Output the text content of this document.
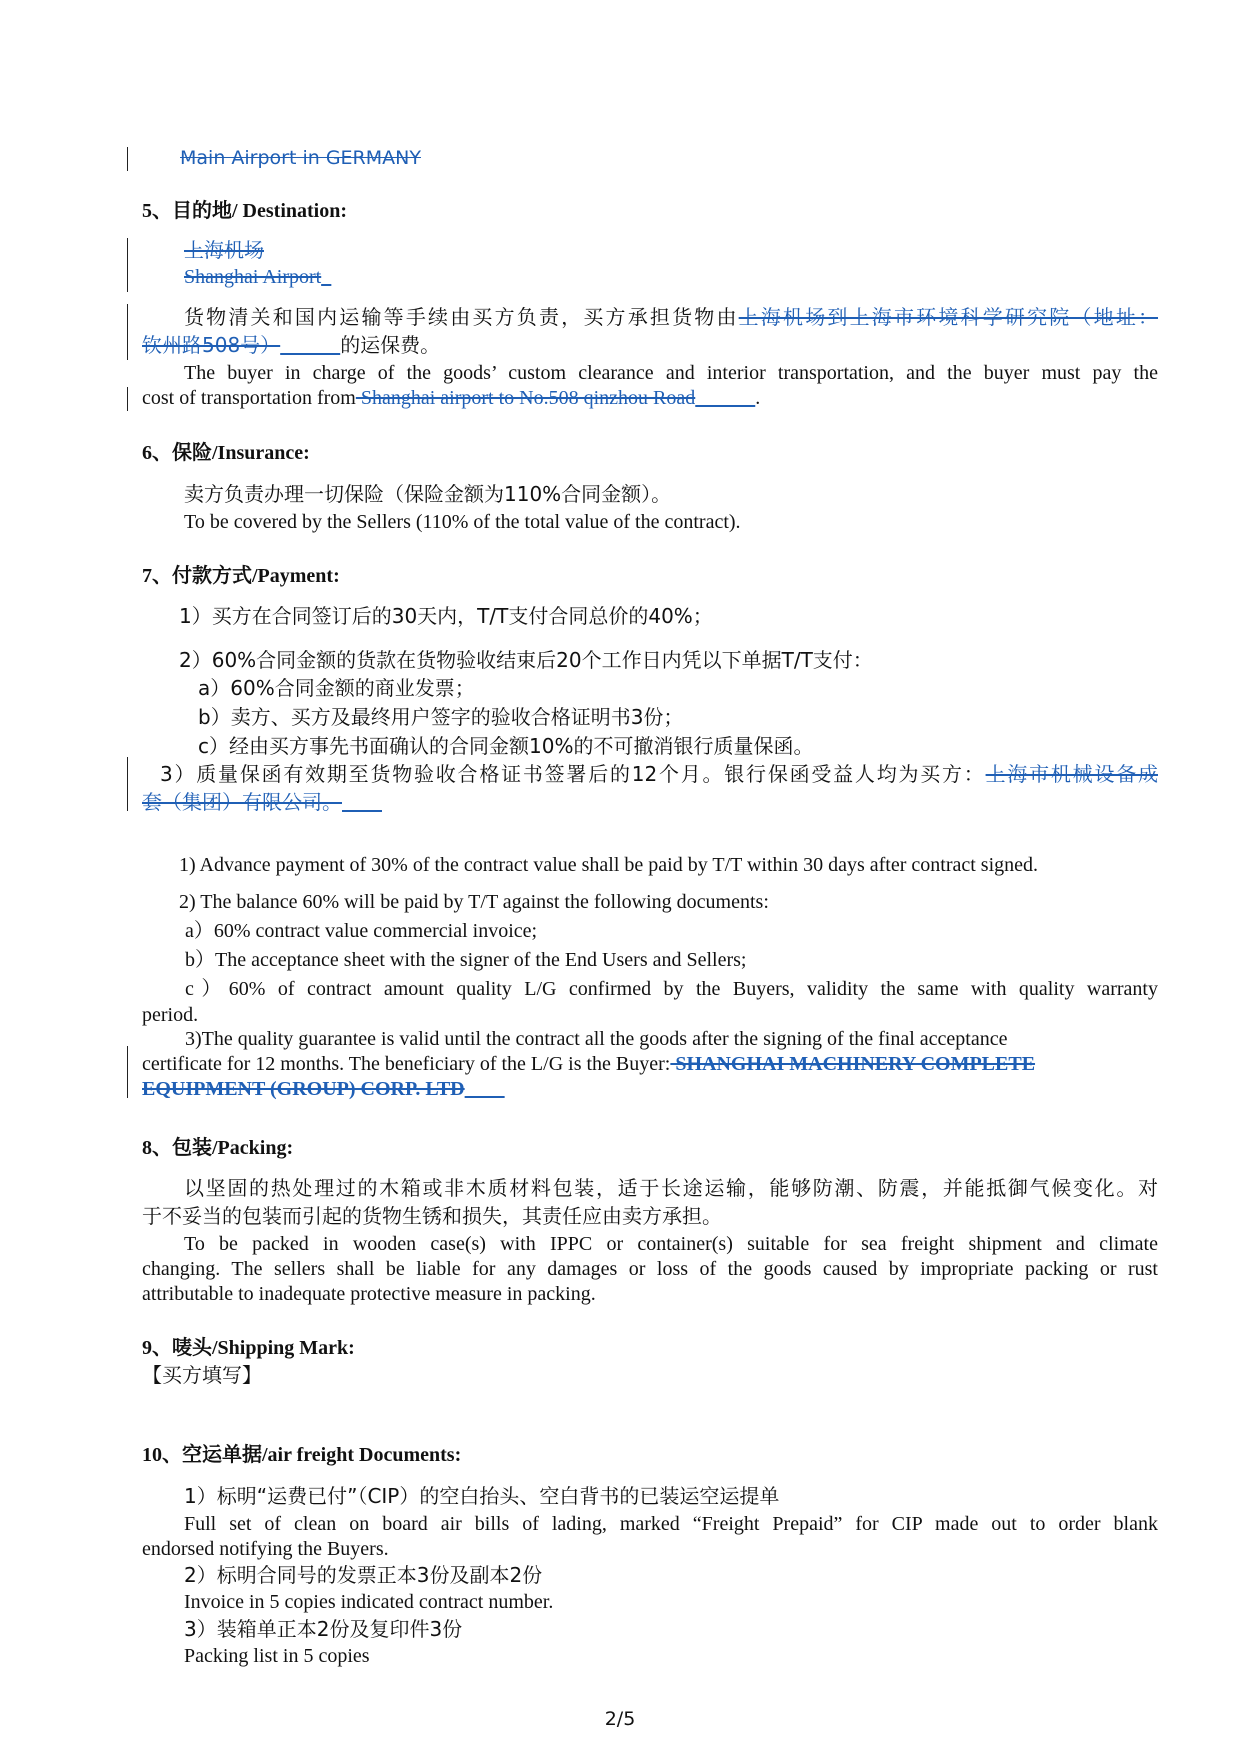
Main Airport in GERMANY
5、目的地/ Destination:
上海机场
Shanghai Airport_
货物清关和国内运输等手续由买方负责，买方承担货物由上海机场到上海市环境科学研究院（地址：
钦州路508号）   	的运保费。
The buyer in charge of the goods’ custom clearance and interior transportation, and the buyer must pay the
cost of transportation from Shanghai airport to No.508 qinzhou Road   	.
6、保险/Insurance:
卖方负责办理一切保险（保险金额为110%合同金额）。
To be covered by the Sellers (110% of the total value of the contract).
7、付款方式/Payment:
1）买方在合同签订后的30天内，T/T支付合同总价的40%；
2）60%合同金额的货款在货物验收结束后20个工作日内凭以下单据T/T支付：
a）60%合同金额的商业发票；
b）卖方、买方及最终用户签字的验收合格证明书3份；
c）经由买方事先书面确认的合同金额10%的不可撤消银行质量保函。
3）质量保函有效期至货物验收合格证书签署后的12个月。银行保函受益人均为买方：上海市机械设备成
套（集团）有限公司。  
1) Advance payment of 30% of the contract value shall be paid by T/T within 30 days after contract signed.
2) The balance 60% will be paid by T/T against the following documents:
a）60% contract value commercial invoice;
b）The acceptance sheet with the signer of the End Users and Sellers;
c）60% of contract amount quality L/G confirmed by the Buyers, validity the same with quality warranty
period.
3)The quality guarantee is valid until the contract all the goods after the signing of the final acceptance
certificate for 12 months. The beneficiary of the L/G is the Buyer: SHANGHAI MACHINERY COMPLETE
EQUIPMENT (GROUP) CORP. LTD  
8、包装/Packing:
以坚固的热处理过的木箱或非木质材料包装，适于长途运输，能够防潮、防震，并能抵御气候变化。对
于不妥当的包装而引起的货物生锈和损失，其责任应由卖方承担。
To be packed in wooden case(s) with IPPC or container(s) suitable for sea freight shipment and climate
changing. The sellers shall be liable for any damages or loss of the goods caused by impropriate packing or rust
attributable to inadequate protective measure in packing.
9、唛头/Shipping Mark:
【买方填写】
10、空运单据/air freight Documents:
1）标明“运费已付”（CIP）的空白抬头、空白背书的已装运空运提单
Full set of clean on board air bills of lading, marked “Freight Prepaid” for CIP made out to order blank
endorsed notifying the Buyers.
2）标明合同号的发票正本3份及副本2份
Invoice in 5 copies indicated contract number.
3）装箱单正本2份及复印件3份
Packing list in 5 copies
2/5
